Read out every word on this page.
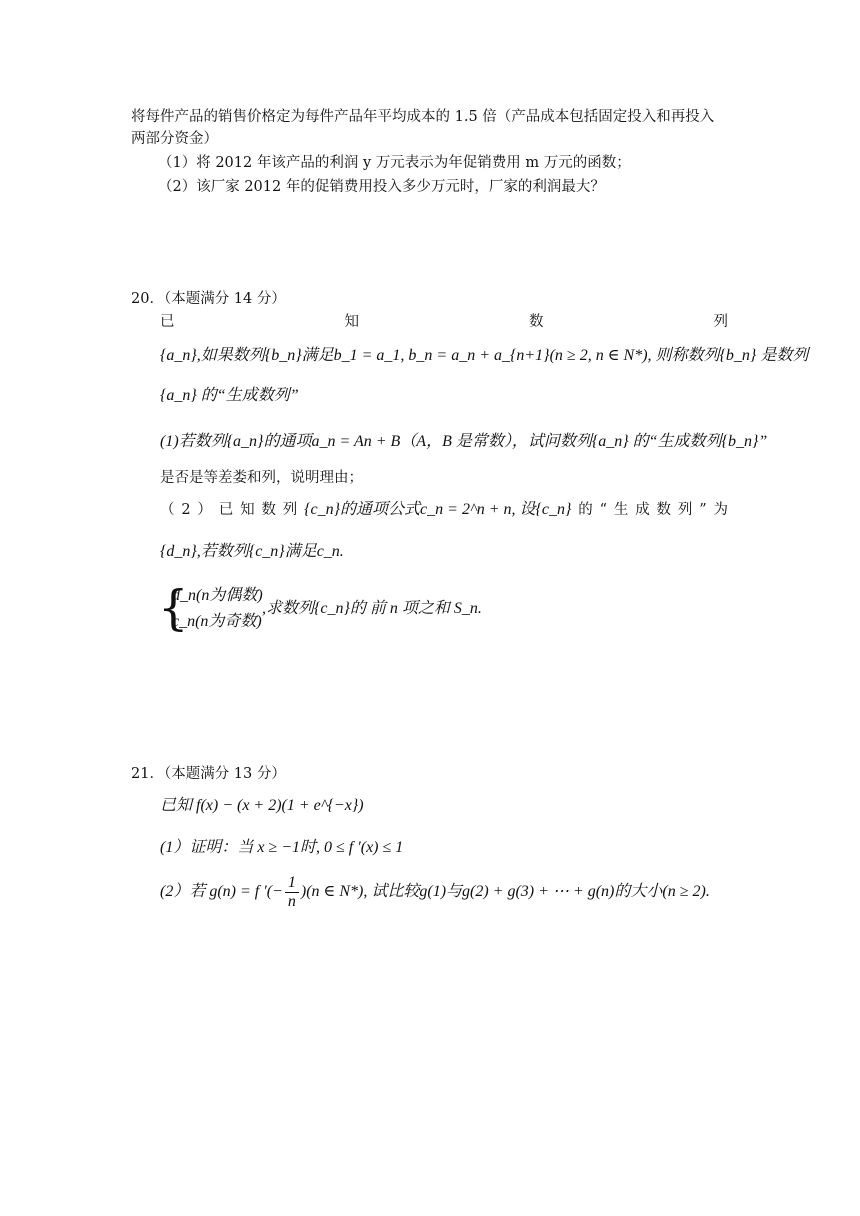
将每件产品的销售价格定为每件产品年平均成本的 1.5 倍（产品成本包括固定投入和再投入
两部分资金）
（1）将 2012 年该产品的利润 y 万元表示为年促销费用 m 万元的函数；
（2）该厂家 2012 年的促销费用投入多少万元时，厂家的利润最大？
20．（本题满分 14 分）
已	知	数	列
{a_n},如果数列{b_n}满足b_1 = a_1, b_n = a_n + a_{n+1}(n ≥ 2, n ∈ N*), 则称数列{b_n} 是数列
{a_n} 的“生成数列”
(1)若数列{a_n}的通项a_n = An + B（A，B 是常数），试问数列{a_n} 的“生成数列{b_n}”
是否是等差娄和列，说明理由；
（ 2 ） 已 知 数 列 {c_n}的通项公式c_n = 2^n + n, 设{c_n} 的 “ 生 成 数 列 ” 为
{d_n},若数列{c_n}满足c_n.
{
d_n(n为偶数)
c_n(n为奇数)
,求数列{c_n}的 前 n 项之和 S_n.
21．（本题满分 13 分）
已知 f(x) − (x + 2)(1 + e^{−x})
(1）证明：当 x ≥ −1时, 0 ≤ f ′(x) ≤ 1
(2）若 g(n) = f ′(− $\frac{1}{n} )(n$ ∈ N*), 试比较g(1)与g(2) + g(3) + ⋯ + g(n)的大小(n ≥ 2).
